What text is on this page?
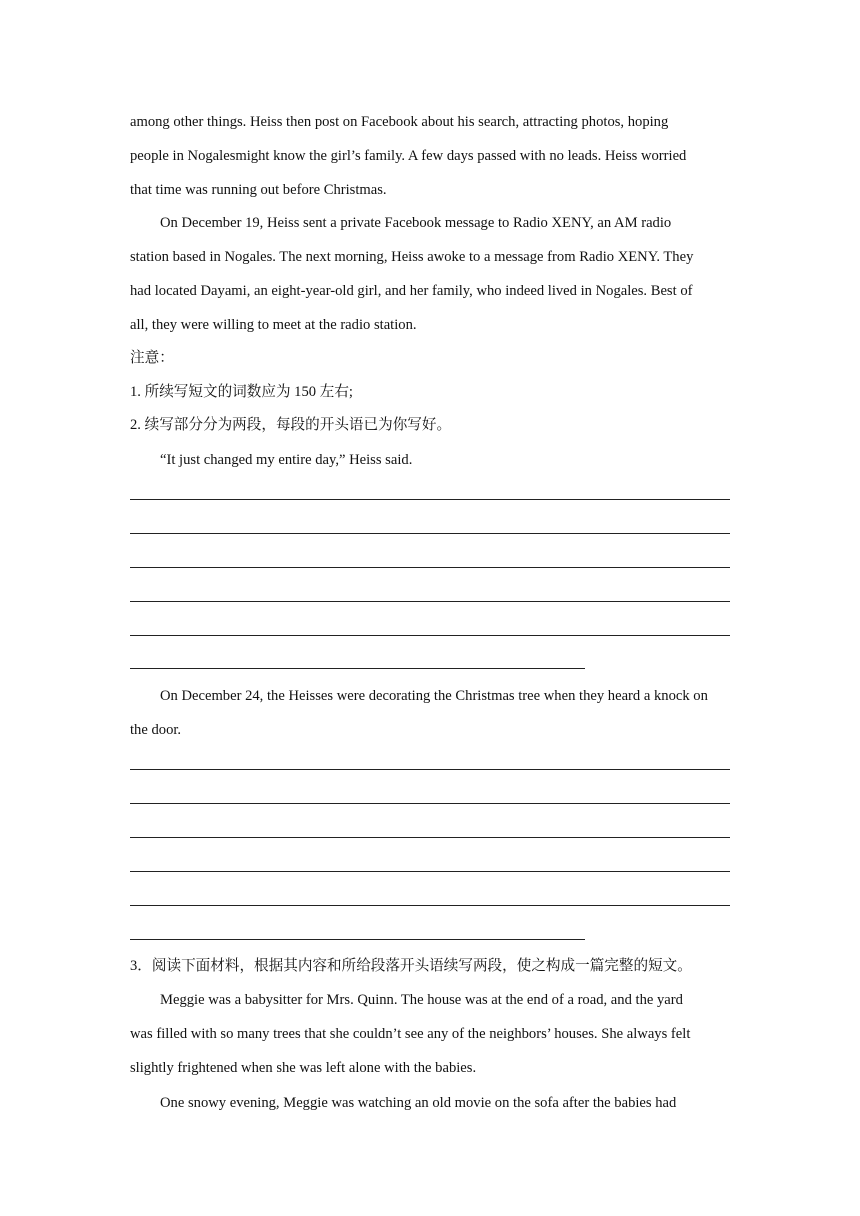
among other things. Heiss then post on Facebook about his search, attracting photos, hoping
people in Nogalesmight know the girl’s family. A few days passed with no leads. Heiss worried
that time was running out before Christmas.
On December 19, Heiss sent a private Facebook message to Radio XENY, an AM radio
station based in Nogales. The next morning, Heiss awoke to a message from Radio XENY. They
had located Dayami, an eight-year-old girl, and her family, who indeed lived in Nogales. Best of
all, they were willing to meet at the radio station.
注意：
1. 所续写短文的词数应为 150 左右;
2. 续写部分分为两段，每段的开头语已为你写好。
“It just changed my entire day,” Heiss said.
On December 24, the Heisses were decorating the Christmas tree when they heard a knock on
the door.
3．阅读下面材料，根据其内容和所给段落开头语续写两段，使之构成一篇完整的短文。
Meggie was a babysitter for Mrs. Quinn. The house was at the end of a road, and the yard
was filled with so many trees that she couldn’t see any of the neighbors’ houses. She always felt
slightly frightened when she was left alone with the babies.
One snowy evening, Meggie was watching an old movie on the sofa after the babies had
